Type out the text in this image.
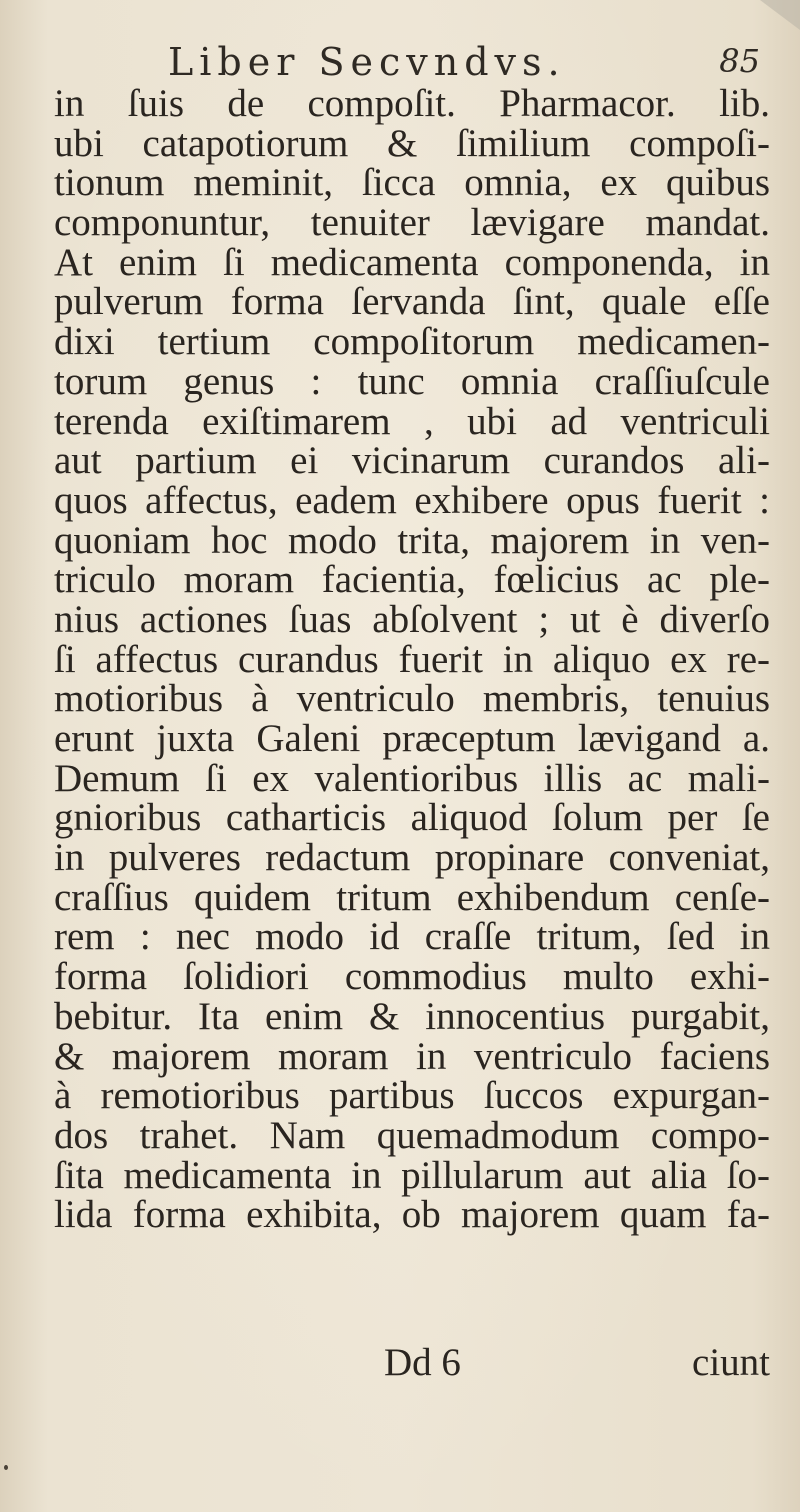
Liber Secvndvs.	85
in ſuis de compoſit. Pharmacor. lib.
ubi catapotiorum & ſimilium compoſi-
tionum meminit, ſicca omnia, ex quibus
componuntur, tenuiter lævigare mandat.
At enim ſi medicamenta componenda, in
pulverum forma ſervanda ſint, quale eſſe
dixi tertium compoſitorum medicamen-
torum genus : tunc omnia craſſiuſcule
terenda exiſtimarem , ubi ad ventriculi
aut partium ei vicinarum curandos ali-
quos affectus, eadem exhibere opus fuerit :
quoniam hoc modo trita, majorem in ven-
triculo moram facientia, fœlicius ac ple-
nius actiones ſuas abſolvent ; ut è diverſo
ſi affectus curandus fuerit in aliquo ex re-
motioribus à ventriculo membris, tenuius
erunt juxta Galeni præceptum lævigand a.
Demum ſi ex valentioribus illis ac mali-
gnioribus catharticis aliquod ſolum per ſe
in pulveres redactum propinare conveniat,
craſſius quidem tritum exhibendum cenſe-
rem : nec modo id craſſe tritum, ſed in
forma ſolidiori commodius multo exhi-
bebitur. Ita enim & innocentius purgabit,
& majorem moram in ventriculo faciens
à remotioribus partibus ſuccos expurgan-
dos trahet. Nam quemadmodum compo-
ſita medicamenta in pillularum aut alia ſo-
lida forma exhibita, ob majorem quam fa-
Dd 6	ciunt
